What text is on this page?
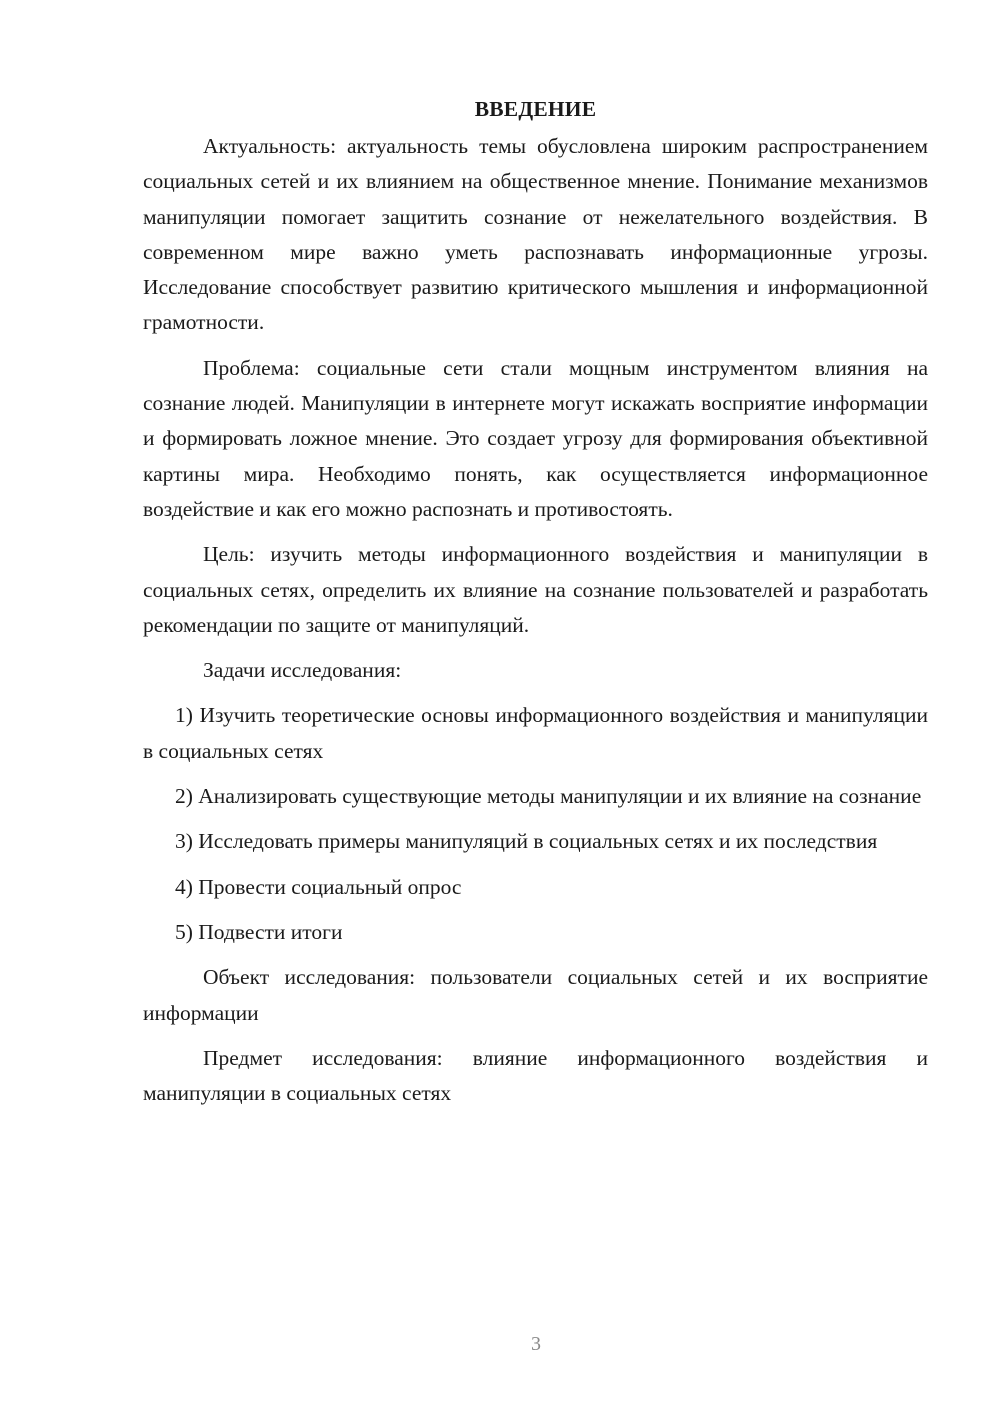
ВВЕДЕНИЕ

Актуальность: актуальность темы обусловлена широким распространением социальных сетей и их влиянием на общественное мнение. Понимание механизмов манипуляции помогает защитить сознание от нежелательного воздействия. В современном мире важно уметь распознавать информационные угрозы. Исследование способствует развитию критического мышления и информационной грамотности.

Проблема: социальные сети стали мощным инструментом влияния на сознание людей. Манипуляции в интернете могут искажать восприятие информации и формировать ложное мнение. Это создает угрозу для формирования объективной картины мира. Необходимо понять, как осуществляется информационное воздействие и как его можно распознать и противостоять.

Цель: изучить методы информационного воздействия и манипуляции в социальных сетях, определить их влияние на сознание пользователей и разработать рекомендации по защите от манипуляций.

Задачи исследования:

1) Изучить теоретические основы информационного воздействия и манипуляции в социальных сетях

2) Анализировать существующие методы манипуляции и их влияние на сознание

3) Исследовать примеры манипуляций в социальных сетях и их последствия

4) Провести социальный опрос

5) Подвести итоги

Объект исследования: пользователи социальных сетей и их восприятие информации

Предмет исследования: влияние информационного воздействия и манипуляции в социальных сетях

3
